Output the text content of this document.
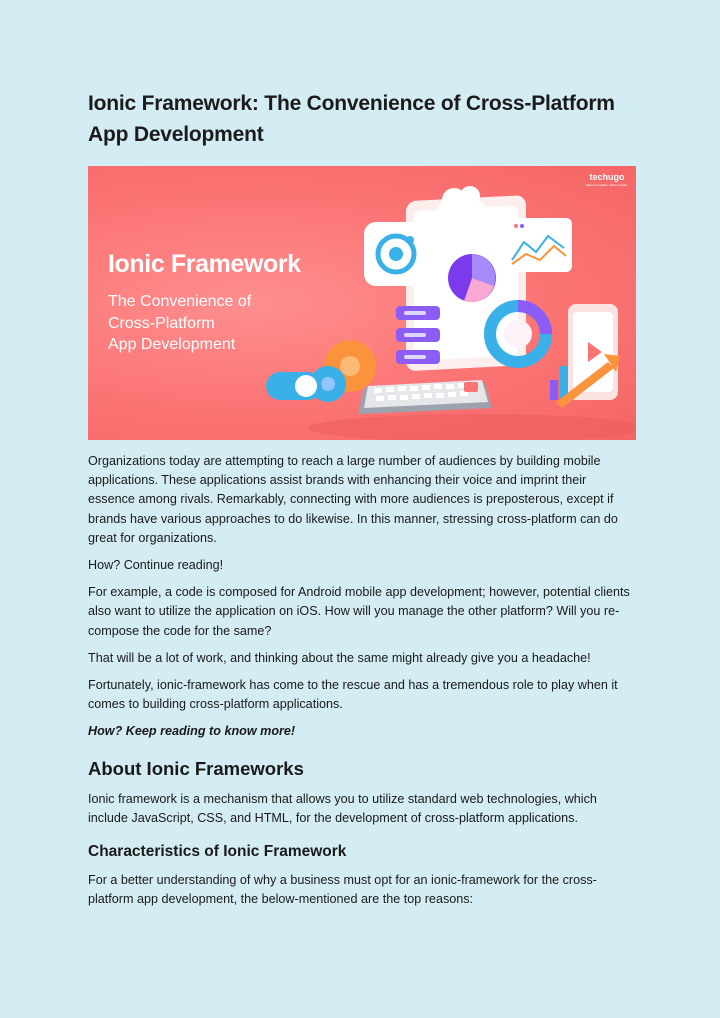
Ionic Framework: The Convenience of Cross-Platform App Development
Ionic Framework
The Convenience of
Cross-Platform
App Development
techugo
Make it possible. Make it better.

Organizations today are attempting to reach a large number of audiences by building mobile applications. These applications assist brands with enhancing their voice and imprint their essence among rivals. Remarkably, connecting with more audiences is preposterous, except if brands have various approaches to do likewise. In this manner, stressing cross-platform can do great for organizations.

How? Continue reading!

For example, a code is composed for Android mobile app development; however, potential clients also want to utilize the application on iOS. How will you manage the other platform? Will you re-compose the code for the same?

That will be a lot of work, and thinking about the same might already give you a headache!

Fortunately, ionic-framework has come to the rescue and has a tremendous role to play when it comes to building cross-platform applications.

How? Keep reading to know more!

About Ionic Frameworks

Ionic framework is a mechanism that allows you to utilize standard web technologies, which include JavaScript, CSS, and HTML, for the development of cross-platform applications.

Characteristics of Ionic Framework

For a better understanding of why a business must opt for an ionic-framework for the cross-platform app development, the below-mentioned are the top reasons:
